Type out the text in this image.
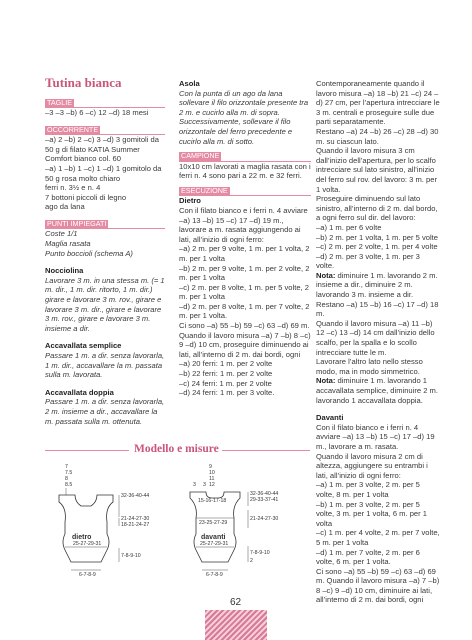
Tutina bianca
TAGLIE
–3 –3 –b) 6 –c) 12 –d) 18 mesi
OCCORRENTE
–a) 2 –b) 2 –c) 3 –d) 3 gomitoli da 50 g di filato KATIA Summer Comfort bianco col. 60
–a) 1 –b) 1 –c) 1 –d) 1 gomitolo da 50 g rosa molto chiaro
ferri n. 3½ e n. 4
7 bottoni piccoli di legno
ago da lana
PUNTI IMPIEGATI
Coste 1/1
Maglia rasata
Punto boccioli (schema A)
Nocciolina
Lavorare 3 m. in una stessa m. (= 1 m. dir., 1 m. dir. ritorto, 1 m. dir.) girare e lavorare 3 m. rov., girare e lavorare 3 m. dir., girare e lavorare 3 m. rov., girare e lavorare 3 m. insieme a dir.
Accavallata semplice
Passare 1 m. a dir. senza lavorarla, 1 m. dir., accavallare la m. passata sulla m. lavorata.
Accavallata doppia
Passare 1 m. a dir. senza lavorarla, 2 m. insieme a dir., accavallare la m. passata sulla m. ottenuta.
Asola
Con la punta di un ago da lana sollevare il filo orizzontale presente tra 2 m. e cucirlo alla m. di sopra. Successivamente, sollevare il filo orizzontale del ferro precedente e cucirlo alla m. di sotto.
CAMPIONE
10x10 cm lavorati a maglia rasata con i ferri n. 4 sono pari a 22 m. e 32 ferri.
ESECUZIONE
Dietro
Con il filato bianco e i ferri n. 4 avviare –a) 13 –b) 15 –c) 17 –d) 19 m., lavorare a m. rasata aggiungendo ai lati, all’inizio di ogni ferro:
–a) 2 m. per 9 volte, 1 m. per 1 volta, 2 m. per 1 volta
–b) 2 m. per 9 volte, 1 m. per 2 volte, 2 m. per 1 volta
–c) 2 m. per 8 volte, 1 m. per 5 volte, 2 m. per 1 volta
–d) 2 m. per 8 volte, 1 m. per 7 volte, 2 m. per 1 volta.
Ci sono –a) 55 –b) 59 –c) 63 –d) 69 m. Quando il lavoro misura –a) 7 –b) 8 –c) 9 –d) 10 cm, proseguire diminuendo ai lati, all’interno di 2 m. dai bordi, ogni
–a) 20 ferri: 1 m. per 2 volte
–b) 22 ferri: 1 m. per 2 volte
–c) 24 ferri: 1 m. per 2 volte
–d) 24 ferri: 1 m. per 3 volte.
Contemporaneamente quando il lavoro misura –a) 18 –b) 21 –c) 24 –d) 27 cm, per l’apertura intrecciare le 3 m. centrali e proseguire sulle due parti separatamente.
Restano –a) 24 –b) 26 –c) 28 –d) 30 m. su ciascun lato.
Quando il lavoro misura 3 cm dall’inizio dell’apertura, per lo scalfo intrecciare sul lato sinistro, all’inizio del ferro sul rov. del lavoro: 3 m. per 1 volta.
Proseguire diminuendo sul lato sinistro, all’interno di 2 m. dal bordo, a ogni ferro sul dir. del lavoro:
–a) 1 m. per 6 volte
–b) 2 m. per 1 volta, 1 m. per 5 volte
–c) 2 m. per 2 volte, 1 m. per 4 volte
–d) 2 m. per 3 volte, 1 m. per 3 volte.
Nota: diminuire 1 m. lavorando 2 m. insieme a dir., diminuire 2 m. lavorando 3 m. insieme a dir. Restano –a) 15 –b) 16 –c) 17 –d) 18 m.
Quando il lavoro misura –a) 11 –b) 12 –c) 13 –d) 14 cm dall’inizio dello scalfo, per la spalla e lo scollo intrecciare tutte le m.
Lavorare l’altro lato nello stesso modo, ma in modo simmetrico.
Nota: diminuire 1 m. lavorando 1 accavallata semplice, diminuire 2 m. lavorando 1 accavallata doppia.
Davanti
Con il filato bianco e i ferri n. 4 avviare –a) 13 –b) 15 –c) 17 –d) 19 m., lavorare a m. rasata.
Quando il lavoro misura 2 cm di altezza, aggiungere su entrambi i lati, all’inizio di ogni ferro:
–a) 1 m. per 3 volte, 2 m. per 5 volte, 8 m. per 1 volta
–b) 1 m. per 3 volte, 2 m. per 5 volte, 3 m. per 1 volta, 6 m. per 1 volta
–c) 1 m. per 4 volte, 2 m. per 7 volte, 5 m. per 1 volta
–d) 1 m. per 7 volte, 2 m. per 6 volte, 6 m. per 1 volta.
Ci sono –a) 55 –b) 59 –c) 63 –d) 69 m. Quando il lavoro misura –a) 7 –b) 8 –c) 9 –d) 10 cm, diminuire ai lati, all’interno di 2 m. dai bordi, ogni
Modello e misure
7
7.5
8
8.5
dietro
25-27-29-31
32-36-40-44
21-24-27-30
18-21-24-27
7-8-9-10
6-7-8-9
9
10
11
12
3 3
15-16-17-18
23-25-27-29
davanti
25-27-29-31
32-36-40-44
29-33-37-41
21-24-27-30
7-8-9-10
2
6-7-8-9
62
